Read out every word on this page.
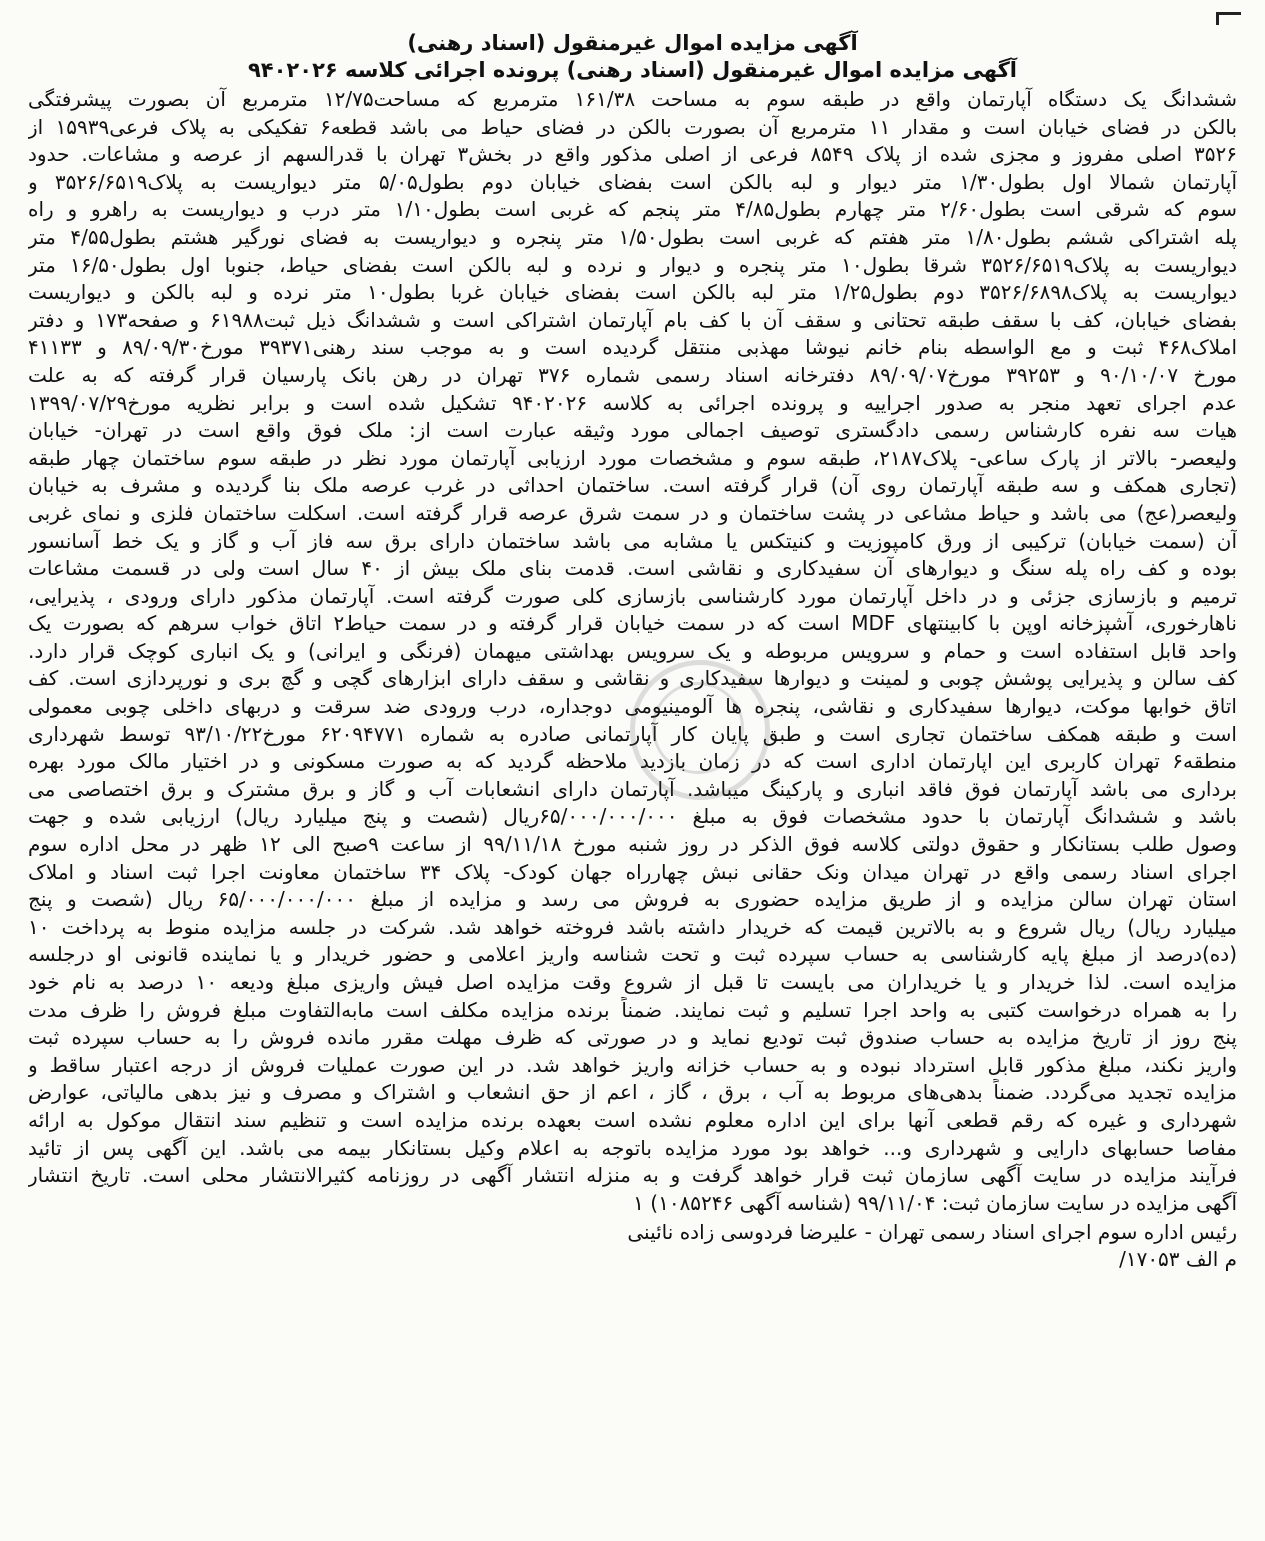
آگهی مزایده اموال غیرمنقول (اسناد رهنی)
آگهی مزایده اموال غیرمنقول (اسناد رهنی) پرونده اجرائی کلاسه ۹۴۰۲۰۲۶
ششدانگ یک دستگاه آپارتمان واقع در طبقه سوم به مساحت ۱۶۱/۳۸ مترمربع که مساحت۱۲/۷۵ مترمربع آن بصورت پیشرفتگی
بالکن در فضای خیابان است و مقدار ۱۱ مترمربع آن بصورت بالکن در فضای حیاط می باشد قطعه۶ تفکیکی به پلاک فرعی۱۵۹۳۹ از
۳۵۲۶ اصلی مفروز و مجزی شده از پلاک ۸۵۴۹ فرعی از اصلی مذکور واقع در بخش۳ تهران با قدرالسهم از عرصه و مشاعات. حدود
آپارتمان شمالا اول بطول۱/۳۰ متر دیوار و لبه بالکن است بفضای خیابان دوم بطول۵/۰۵ متر دیواریست به پلاک۳۵۲۶/۶۵۱۹ و
سوم که شرقی است بطول۲/۶۰ متر چهارم بطول۴/۸۵ متر پنجم که غربی است بطول۱/۱۰ متر درب و دیواریست به راهرو و راه
پله اشتراکی ششم بطول۱/۸۰ متر هفتم که غربی است بطول۱/۵۰ متر پنجره و دیواریست به فضای نورگیر هشتم بطول۴/۵۵ متر
دیواریست به پلاک۳۵۲۶/۶۵۱۹ شرقا بطول۱۰ متر پنجره و دیوار و نرده و لبه بالکن است بفضای حیاط، جنوبا اول بطول۱۶/۵۰ متر
دیواریست به پلاک۳۵۲۶/۶۸۹۸ دوم بطول۱/۲۵ متر لبه بالکن است بفضای خیابان غربا بطول۱۰ متر نرده و لبه بالکن و دیواریست
بفضای خیابان، کف با سقف طبقه تحتانی و سقف آن با کف بام آپارتمان اشتراکی است و ششدانگ ذیل ثبت۶۱۹۸۸ و صفحه۱۷۳ و دفتر
املاک۴۶۸ ثبت و مع الواسطه بنام خانم نیوشا مهذبی منتقل گردیده است و به موجب سند رهنی۳۹۳۷۱ مورخ۸۹/۰۹/۳۰ و ۴۱۱۳۳
مورخ ۹۰/۱۰/۰۷ و ۳۹۲۵۳ مورخ۸۹/۰۹/۰۷ دفترخانه اسناد رسمی شماره ۳۷۶ تهران در رهن بانک پارسیان قرار گرفته که به علت
عدم اجرای تعهد منجر به صدور اجراییه و پرونده اجرائی به کلاسه ۹۴۰۲۰۲۶ تشکیل شده است و برابر نظریه مورخ۱۳۹۹/۰۷/۲۹
هیات سه نفره کارشناس رسمی دادگستری توصیف اجمالی مورد وثیقه عبارت است از: ملک فوق واقع است در تهران- خیابان
ولیعصر- بالاتر از پارک ساعی- پلاک۲۱۸۷، طبقه سوم و مشخصات مورد ارزیابی آپارتمان مورد نظر در طبقه سوم ساختمان چهار طبقه
(تجاری همکف و سه طبقه آپارتمان روی آن) قرار گرفته است. ساختمان احداثی در غرب عرصه ملک بنا گردیده و مشرف به خیابان
ولیعصر(عج) می باشد و حیاط مشاعی در پشت ساختمان و در سمت شرق عرصه قرار گرفته است. اسکلت ساختمان فلزی و نمای غربی
آن (سمت خیابان) ترکیبی از ورق کامپوزیت و کنیتکس یا مشابه می باشد ساختمان دارای برق سه فاز آب و گاز و یک خط آسانسور
بوده و کف راه پله سنگ و دیوارهای آن سفیدکاری و نقاشی است. قدمت بنای ملک بیش از ۴۰ سال است ولی در قسمت مشاعات
ترمیم و بازسازی جزئی و در داخل آپارتمان مورد کارشناسی بازسازی کلی صورت گرفته است. آپارتمان مذکور دارای ورودی ، پذیرایی،
ناهارخوری، آشپزخانه اوپن با کابینتهای MDF است که در سمت خیابان قرار گرفته و در سمت حیاط۲ اتاق خواب سرهم که بصورت یک
واحد قابل استفاده است و حمام و سرویس مربوطه و یک سرویس بهداشتی میهمان (فرنگی و ایرانی) و یک انباری کوچک قرار دارد.
کف سالن و پذیرایی پوشش چوبی و لمینت و دیوارها سفیدکاری و نقاشی و سقف دارای ابزارهای گچی و گچ بری و نورپردازی است. کف
اتاق خوابها موکت، دیوارها سفیدکاری و نقاشی، پنجره ها آلومینیومی دوجداره، درب ورودی ضد سرقت و دربهای داخلی چوبی معمولی
است و طبقه همکف ساختمان تجاری است و طبق پایان کار آپارتمانی صادره به شماره ۶۲۰۹۴۷۷۱ مورخ۹۳/۱۰/۲۲ توسط شهرداری
منطقه۶ تهران کاربری این اپارتمان اداری است که در زمان بازدید ملاحظه گردید که به صورت مسکونی و در اختیار مالک مورد بهره
برداری می باشد آپارتمان فوق فاقد انباری و پارکینگ میباشد. آپارتمان دارای انشعابات آب و گاز و برق مشترک و برق اختصاصی می
باشد و ششدانگ آپارتمان با حدود مشخصات فوق به مبلغ ۶۵/۰۰۰/۰۰۰/۰۰۰ریال (شصت و پنج میلیارد ریال) ارزیابی شده و جهت
وصول طلب بستانکار و حقوق دولتی کلاسه فوق الذکر در روز شنبه مورخ ۹۹/۱۱/۱۸ از ساعت ۹صبح الی ۱۲ ظهر در محل اداره سوم
اجرای اسناد رسمی واقع در تهران میدان ونک حقانی نبش چهارراه جهان کودک- پلاک ۳۴ ساختمان معاونت اجرا ثبت اسناد و املاک
استان تهران سالن مزایده و از طریق مزایده حضوری به فروش می رسد و مزایده از مبلغ ۶۵/۰۰۰/۰۰۰/۰۰۰ ریال (شصت و پنج
میلیارد ریال) ریال شروع و به بالاترین قیمت که خریدار داشته باشد فروخته خواهد شد. شرکت در جلسه مزایده منوط به پرداخت ۱۰
(ده)درصد از مبلغ پایه کارشناسی به حساب سپرده ثبت و تحت شناسه واریز اعلامی و حضور خریدار و یا نماینده قانونی او درجلسه
مزایده است. لذا خریدار و یا خریداران می بایست تا قبل از شروع وقت مزایده اصل فیش واریزی مبلغ ودیعه ۱۰ درصد به نام خود
را به همراه درخواست کتبی به واحد اجرا تسلیم و ثبت نمایند. ضمناً برنده مزایده مکلف است مابه‌التفاوت مبلغ فروش را ظرف مدت
پنج روز از تاریخ مزایده به حساب صندوق ثبت تودیع نماید و در صورتی که ظرف مهلت مقرر مانده فروش را به حساب سپرده ثبت
واریز نکند، مبلغ مذکور قابل استرداد نبوده و به حساب خزانه واریز خواهد شد. در این صورت عملیات فروش از درجه اعتبار ساقط و
مزایده تجدید می‌گردد. ضمناً بدهی‌های مربوط به آب ، برق ، گاز ، اعم از حق انشعاب و اشتراک و مصرف و نیز بدهی مالیاتی، عوارض
شهرداری و غیره که رقم قطعی آنها برای این اداره معلوم نشده است بعهده برنده مزایده است و تنظیم سند انتقال موکول به ارائه
مفاصا حسابهای دارایی و شهرداری و... خواهد بود مورد مزایده باتوجه به اعلام وکیل بستانکار بیمه می باشد. این آگهی پس از تائید
فرآیند مزایده در سایت آگهی سازمان ثبت قرار خواهد گرفت و به منزله انتشار آگهی در روزنامه کثیرالانتشار محلی است. تاریخ انتشار
آگهی مزایده در سایت سازمان ثبت: ۹۹/۱۱/۰۴ (شناسه آگهی ۱۰۸۵۲۴۶) ۱
رئیس اداره سوم اجرای اسناد رسمی تهران - علیرضا فردوسی زاده نائینی
م الف ۱۷۰۵۳/
